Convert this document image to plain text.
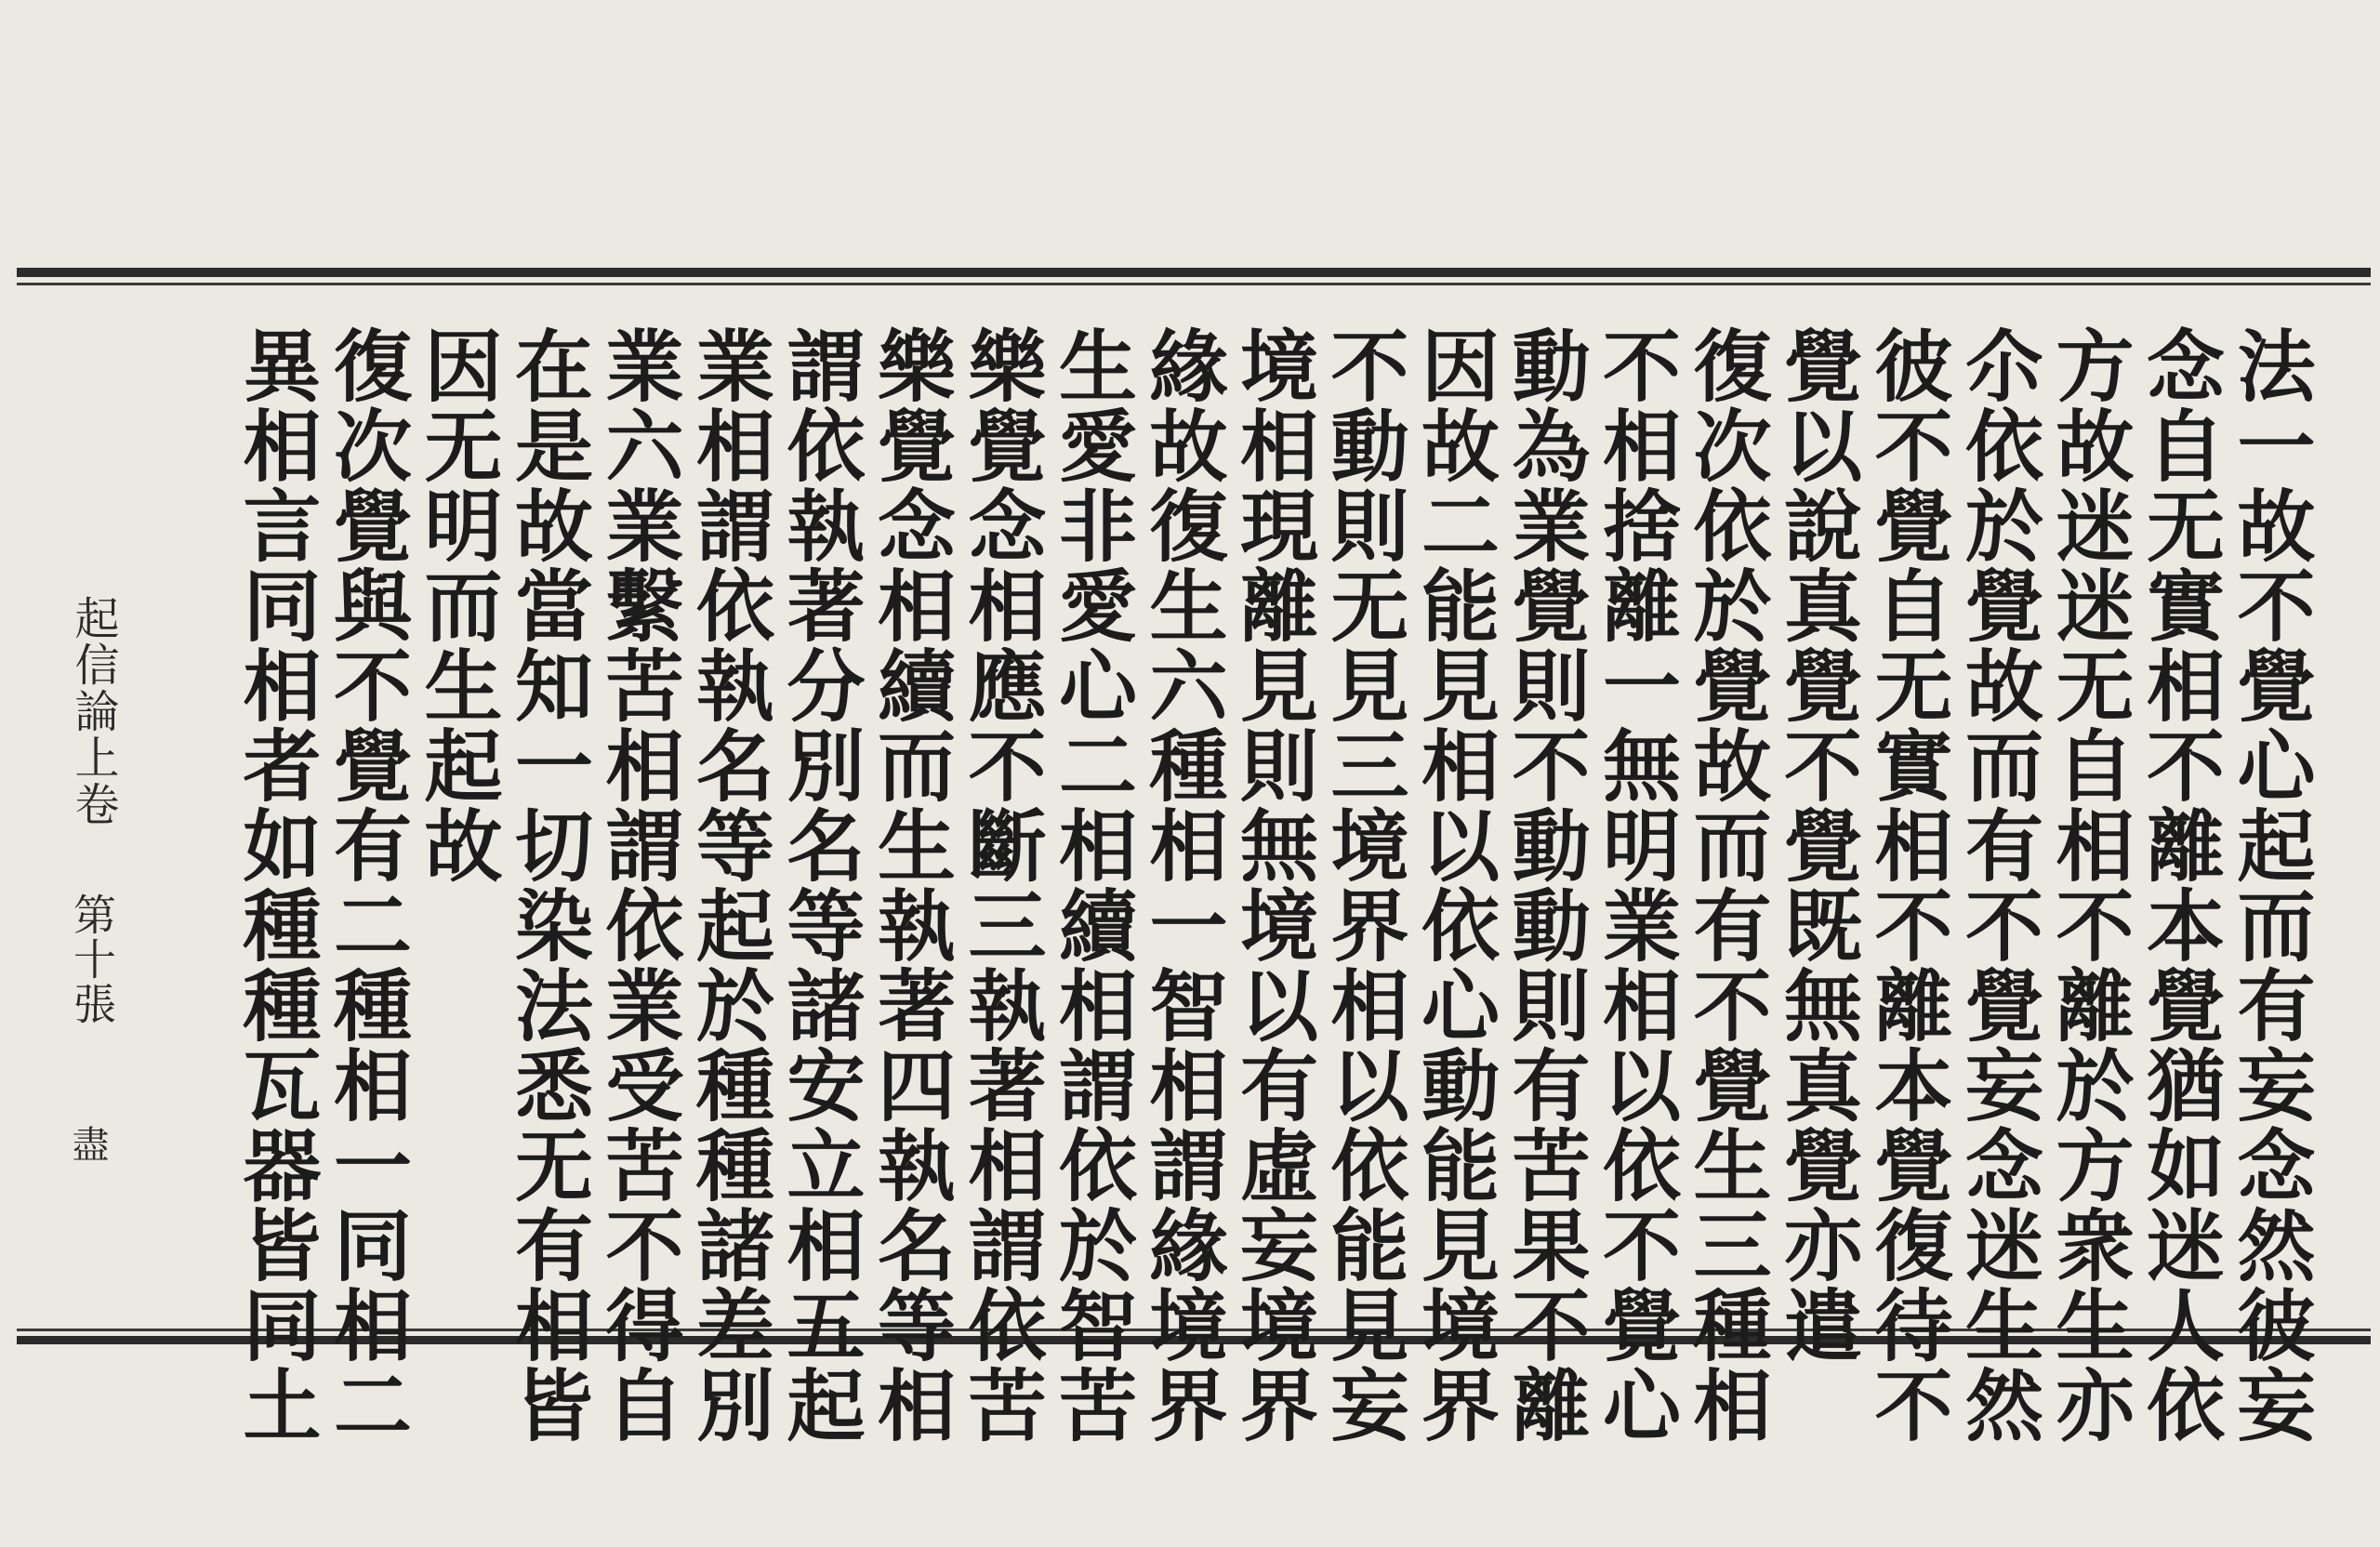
法一故不覺心起而有妄念然彼妄
念自无實相不離本覺猶如迷人依
方故迷迷无自相不離於方衆生亦
尒依於覺故而有不覺妄念迷生然
彼不覺自无實相不離本覺復待不
覺以說真覺不覺既無真覺亦遣
復次依於覺故而有不覺生三種相
不相捨離一無明業相以依不覺心
動為業覺則不動動則有苦果不離
因故二能見相以依心動能見境界
不動則无見三境界相以依能見妄
境相現離見則無境以有虛妄境界
緣故復生六種相一智相謂緣境界
生愛非愛心二相續相謂依於智苦
樂覺念相應不斷三執著相謂依苦
樂覺念相續而生執著四執名等相
謂依執著分別名等諸安立相五起
業相謂依執名等起於種種諸差別
業六業繫苦相謂依業受苦不得自
在是故當知一切染法悉无有相皆
因无明而生起故
復次覺與不覺有二種相一同相二
異相言同相者如種種瓦器皆同土
起信論上卷
第十張
盡
